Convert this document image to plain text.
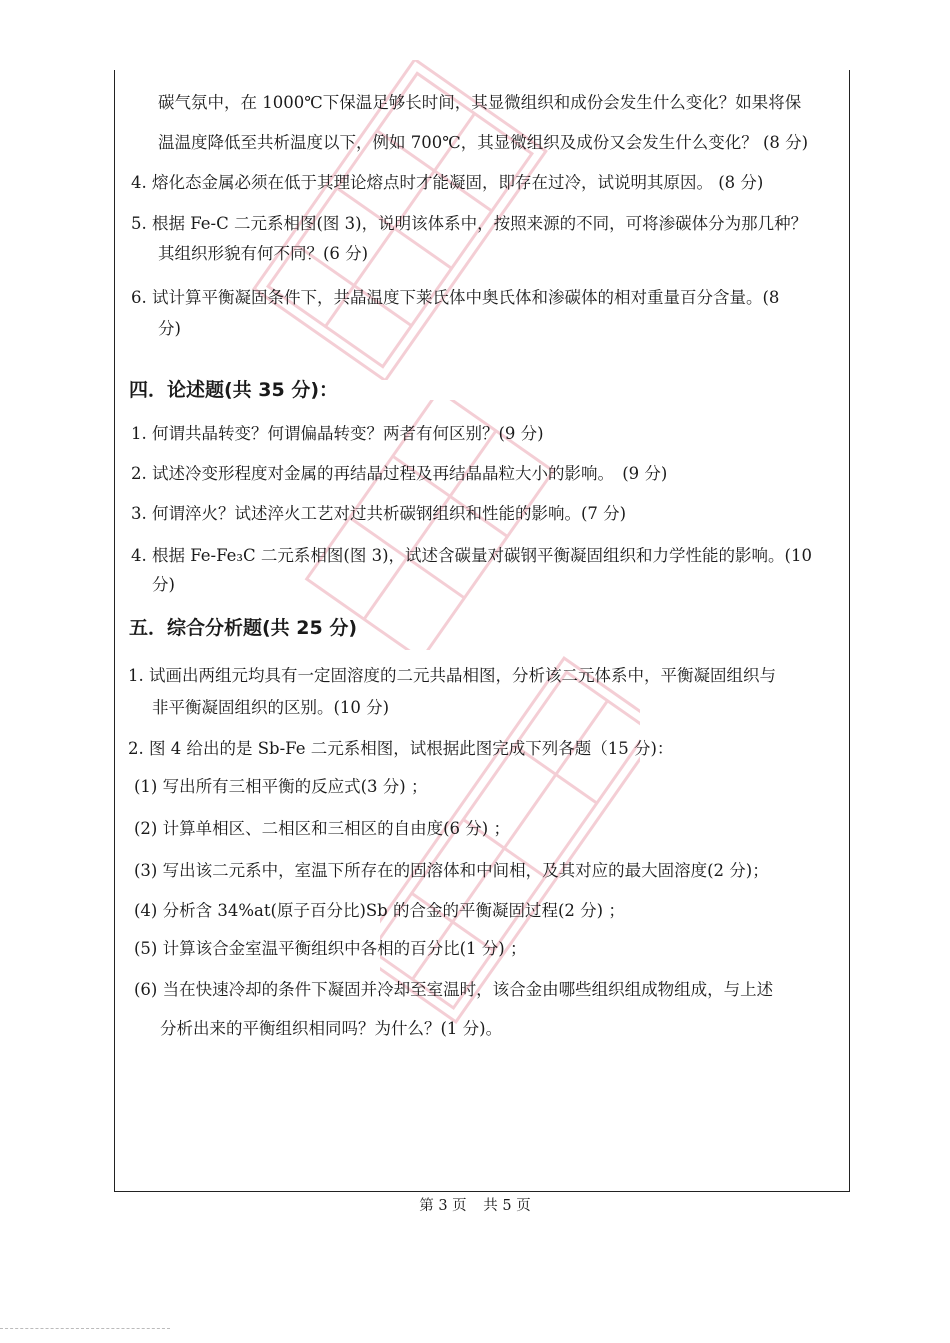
碳气氛中，在 1000℃下保温足够长时间，其显微组织和成份会发生什么变化？如果将保
温温度降低至共析温度以下，例如 700℃，其显微组织及成份又会发生什么变化？ (8 分)
4. 熔化态金属必须在低于其理论熔点时才能凝固，即存在过冷，试说明其原因。 (8 分)
5. 根据 Fe-C 二元系相图(图 3)，说明该体系中，按照来源的不同，可将渗碳体分为那几种？
其组织形貌有何不同？(6 分)
6. 试计算平衡凝固条件下，共晶温度下莱氏体中奥氏体和渗碳体的相对重量百分含量。(8
分)
四．论述题(共 35 分)：
1. 何谓共晶转变？何谓偏晶转变？两者有何区别？(9 分)
2. 试述冷变形程度对金属的再结晶过程及再结晶晶粒大小的影响。　(9 分)
3. 何谓淬火？试述淬火工艺对过共析碳钢组织和性能的影响。(7 分)
4. 根据 Fe-Fe₃C 二元系相图(图 3)，试述含碳量对碳钢平衡凝固组织和力学性能的影响。(10
分)
五．综合分析题(共 25 分)
1. 试画出两组元均具有一定固溶度的二元共晶相图，分析该二元体系中，平衡凝固组织与
非平衡凝固组织的区别。(10 分)
2. 图 4 给出的是 Sb-Fe 二元系相图，试根据此图完成下列各题（15 分)：
(1) 写出所有三相平衡的反应式(3 分) ；
(2) 计算单相区、二相区和三相区的自由度(6 分) ；
(3) 写出该二元系中，室温下所存在的固溶体和中间相，及其对应的最大固溶度(2 分)；
(4) 分析含 34%at(原子百分比)Sb 的合金的平衡凝固过程(2 分) ；
(5) 计算该合金室温平衡组织中各相的百分比(1 分) ；
(6) 当在快速冷却的条件下凝固并冷却至室温时，该合金由哪些组织组成物组成，与上述
分析出来的平衡组织相同吗？为什么？(1 分)。
第 3 页 共 5 页
